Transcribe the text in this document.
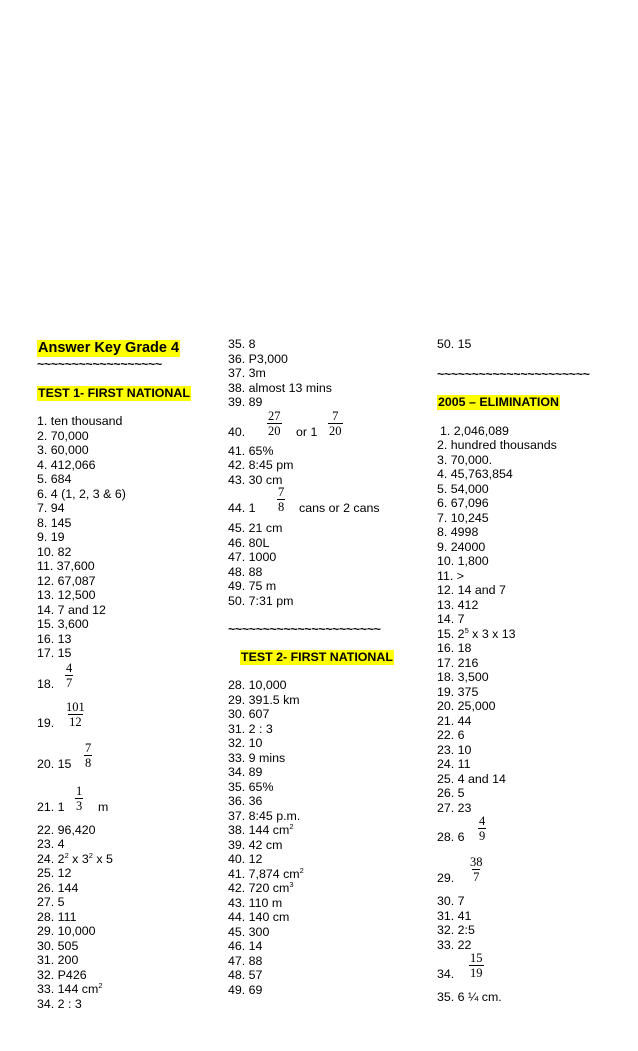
Answer Key Grade 4
~~~~~~~~~~~~~~~~~~
TEST 1- FIRST NATIONAL
1. ten thousand
2. 70,000
3. 60,000
4. 412,066
5. 684
6. 4 (1, 2, 3 & 6)
7. 94
8. 145
9. 19
10. 82
11. 37,600
12. 67,087
13. 12,500
14. 7 and 12
15. 3,600
16. 13
17. 15
18. $\frac{4}{7}$
19. $\frac{101}{12}$
20. $15 \frac{7}{8}$
21. $1 \frac{1}{3}$ m
22. 96,420
23. 4
24. $2^2$ x $3^2$ x 5
25. 12
26. 144
27. 5
28. 111
29. 10,000
30. 505
31. 200
32. P426
33. 144 $cm^2$
34. 2 : 3
35. 8
36. P3,000
37. 3m
38. almost 13 mins
39. 89
40. $\frac{27}{20}$ or $1 \frac{7}{20}$
41. 65%
42. 8:45 pm
43. 30 cm
44. $1 \frac{7}{8}$ cans or 2 cans
45. 21 cm
46. 80L
47. 1000
48. 88
49. 75 m
50. 7:31 pm
~~~~~~~~~~~~~~~~~~~~~~
TEST 2- FIRST NATIONAL
28. 10,000
29. 391.5 km
30. 607
31. 2 : 3
32. 10
33. 9 mins
34. 89
35. 65%
36. 36
37. 8:45 p.m.
38. 144 $cm^2$
39. 42 cm
40. 12
41. 7,874 $cm^2$
42. 720 $cm^3$
43. 110 m
44. 140 cm
45. 300
46. 14
47. 88
48. 57
49. 69
50. 15
~~~~~~~~~~~~~~~~~~~~~~
2005 – ELIMINATION
1. 2,046,089
2. hundred thousands
3. 70,000.
4. 45,763,854
5. 54,000
6. 67,096
7. 10,245
8. 4998
9. 24000
10. 1,800
11. >
12. 14 and 7
13. 412
14. 7
15. $2^5$ x 3 x 13
16. 18
17. 216
18. 3,500
19. 375
20. 25,000
21. 44
22. 6
23. 10
24. 11
25. 4 and 14
26. 5
27. 23
28. $6 \frac{4}{9}$
29. $\frac{38}{7}$
30. 7
31. 41
32. 2:5
33. 22
34. $\frac{15}{19}$
35. 6 ¼ cm.
